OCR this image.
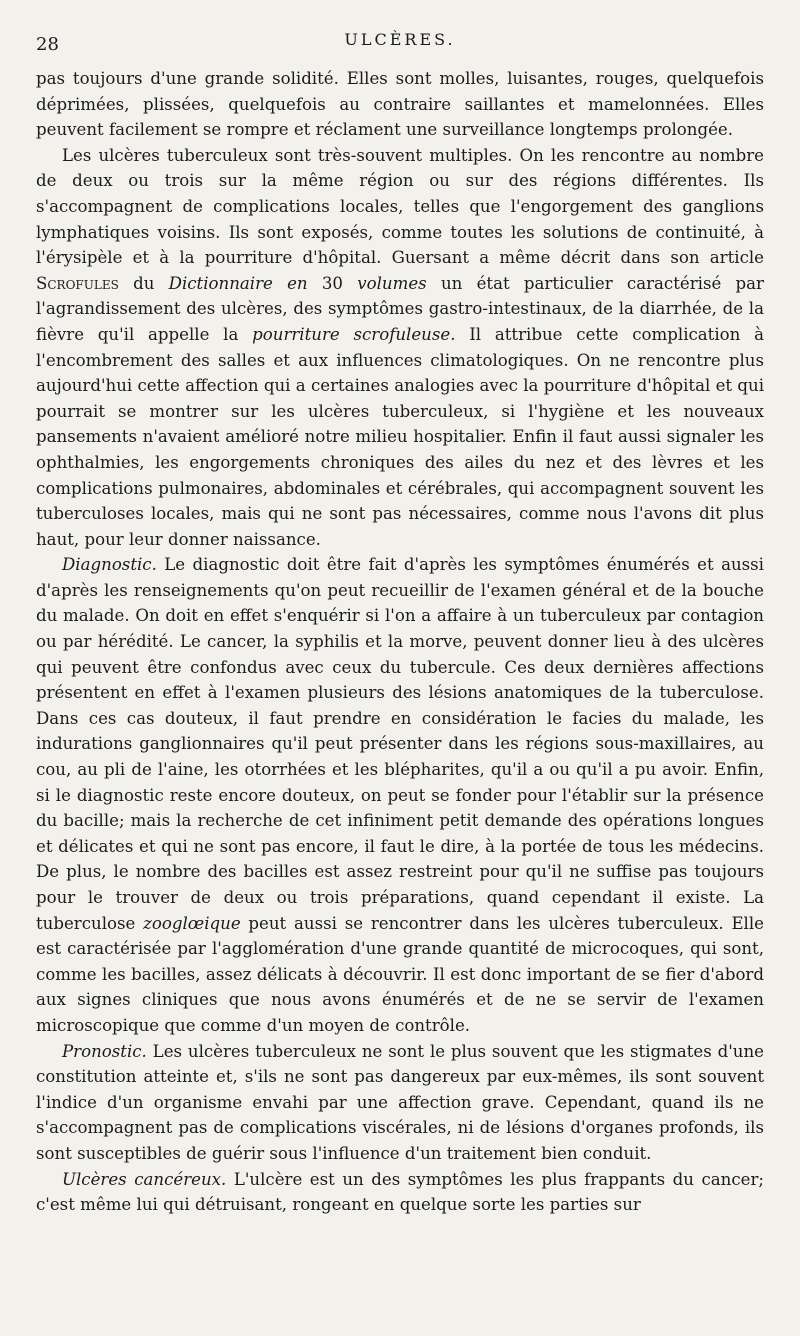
28	ULCÈRES.

pas toujours d'une grande solidité. Elles sont molles, luisantes, rouges, quelquefois déprimées, plissées, quelquefois au contraire saillantes et mamelonnées. Elles peuvent facilement se rompre et réclament une surveillance longtemps prolongée.

Les ulcères tuberculeux sont très-souvent multiples. On les rencontre au nombre de deux ou trois sur la même région ou sur des régions différentes. Ils s'accompagnent de complications locales, telles que l'engorgement des ganglions lymphatiques voisins. Ils sont exposés, comme toutes les solutions de continuité, à l'érysipèle et à la pourriture d'hôpital. Guersant a même décrit dans son article Scrofules du Dictionnaire en 30 volumes un état particulier caractérisé par l'agrandissement des ulcères, des symptômes gastro-intestinaux, de la diarrhée, de la fièvre qu'il appelle la pourriture scrofuleuse. Il attribue cette complication à l'encombrement des salles et aux influences climatologiques. On ne rencontre plus aujourd'hui cette affection qui a certaines analogies avec la pourriture d'hôpital et qui pourrait se montrer sur les ulcères tuberculeux, si l'hygiène et les nouveaux pansements n'avaient amélioré notre milieu hospitalier. Enfin il faut aussi signaler les ophthalmies, les engorgements chroniques des ailes du nez et des lèvres et les complications pulmonaires, abdominales et cérébrales, qui accompagnent souvent les tuberculoses locales, mais qui ne sont pas nécessaires, comme nous l'avons dit plus haut, pour leur donner naissance.

Diagnostic. Le diagnostic doit être fait d'après les symptômes énumérés et aussi d'après les renseignements qu'on peut recueillir de l'examen général et de la bouche du malade. On doit en effet s'enquérir si l'on a affaire à un tuberculeux par contagion ou par hérédité. Le cancer, la syphilis et la morve, peuvent donner lieu à des ulcères qui peuvent être confondus avec ceux du tubercule. Ces deux dernières affections présentent en effet à l'examen plusieurs des lésions anatomiques de la tuberculose. Dans ces cas douteux, il faut prendre en considération le facies du malade, les indurations ganglionnaires qu'il peut présenter dans les régions sous-maxillaires, au cou, au pli de l'aine, les otorrhées et les blépharites, qu'il a ou qu'il a pu avoir. Enfin, si le diagnostic reste encore douteux, on peut se fonder pour l'établir sur la présence du bacille; mais la recherche de cet infiniment petit demande des opérations longues et délicates et qui ne sont pas encore, il faut le dire, à la portée de tous les médecins. De plus, le nombre des bacilles est assez restreint pour qu'il ne suffise pas toujours pour le trouver de deux ou trois préparations, quand cependant il existe. La tuberculose zooglœique peut aussi se rencontrer dans les ulcères tuberculeux. Elle est caractérisée par l'agglomération d'une grande quantité de microcoques, qui sont, comme les bacilles, assez délicats à découvrir. Il est donc important de se fier d'abord aux signes cliniques que nous avons énumérés et de ne se servir de l'examen microscopique que comme d'un moyen de contrôle.

Pronostic. Les ulcères tuberculeux ne sont le plus souvent que les stigmates d'une constitution atteinte et, s'ils ne sont pas dangereux par eux-mêmes, ils sont souvent l'indice d'un organisme envahi par une affection grave. Cependant, quand ils ne s'accompagnent pas de complications viscérales, ni de lésions d'organes profonds, ils sont susceptibles de guérir sous l'influence d'un traitement bien conduit.

Ulcères cancéreux. L'ulcère est un des symptômes les plus frappants du cancer; c'est même lui qui détruisant, rongeant en quelque sorte les parties sur
